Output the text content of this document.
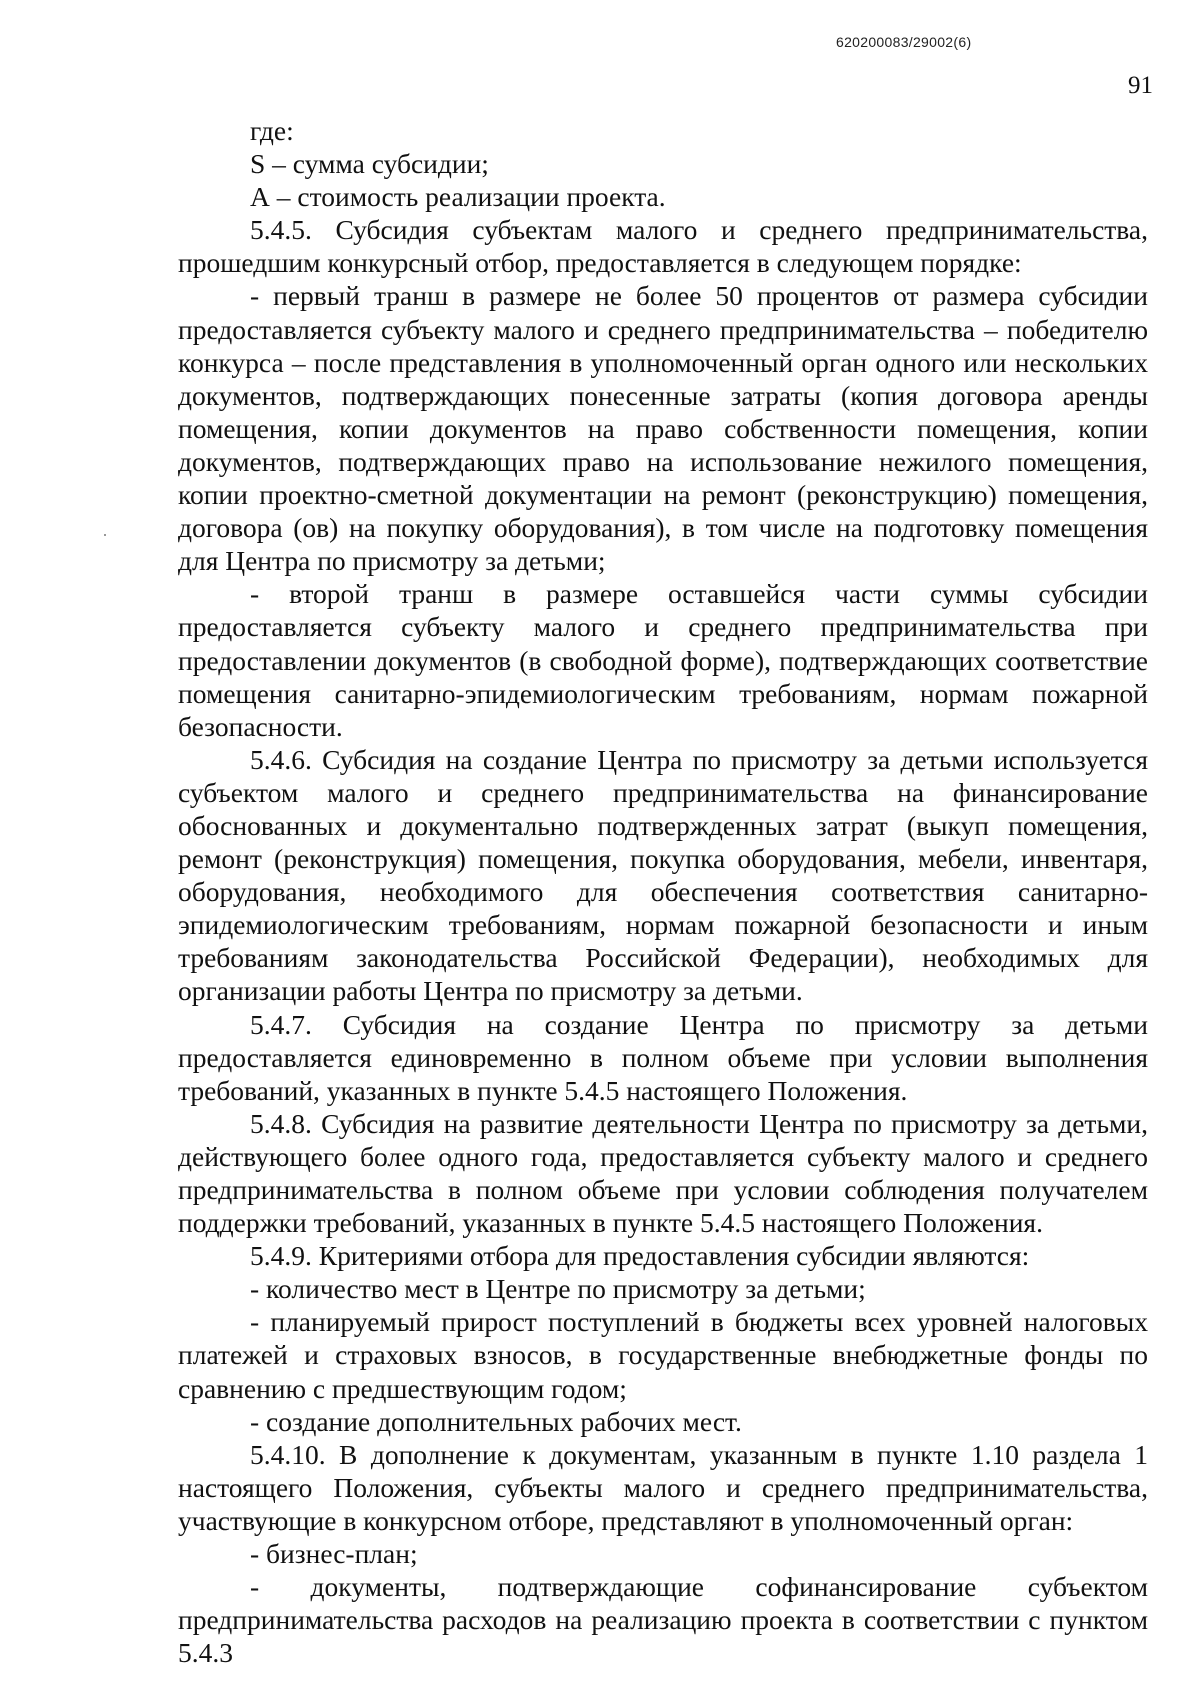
620200083/29002(6)
91

где:

S – сумма субсидии;

А – стоимость реализации проекта.

5.4.5. Субсидия субъектам малого и среднего предпринимательства, прошедшим конкурсный отбор, предоставляется в следующем порядке:

- первый транш в размере не более 50 процентов от размера субсидии предоставляется субъекту малого и среднего предпринимательства – победителю конкурса – после представления в уполномоченный орган одного или нескольких документов, подтверждающих понесенные затраты (копия договора аренды помещения, копии документов на право собственности помещения, копии документов, подтверждающих право на использование нежилого помещения, копии проектно-сметной документации на ремонт (реконструкцию) помещения, договора (ов) на покупку оборудования), в том числе на подготовку помещения для Центра по присмотру за детьми;

- второй транш в размере оставшейся части суммы субсидии предоставляется субъекту малого и среднего предпринимательства при предоставлении документов (в свободной форме), подтверждающих соответствие помещения санитарно-эпидемиологическим требованиям, нормам пожарной безопасности.

5.4.6. Субсидия на создание Центра по присмотру за детьми используется субъектом малого и среднего предпринимательства на финансирование обоснованных и документально подтвержденных затрат (выкуп помещения, ремонт (реконструкция) помещения, покупка оборудования, мебели, инвентаря, оборудования, необходимого для обеспечения соответствия санитарно-эпидемиологическим требованиям, нормам пожарной безопасности и иным требованиям законодательства Российской Федерации), необходимых для организации работы Центра по присмотру за детьми.

5.4.7. Субсидия на создание Центра по присмотру за детьми предоставляется единовременно в полном объеме при условии выполнения требований, указанных в пункте 5.4.5 настоящего Положения.

5.4.8. Субсидия на развитие деятельности Центра по присмотру за детьми, действующего более одного года, предоставляется субъекту малого и среднего предпринимательства в полном объеме при условии соблюдения получателем поддержки требований, указанных в пункте 5.4.5 настоящего Положения.

5.4.9. Критериями отбора для предоставления субсидии являются:

- количество мест в Центре по присмотру за детьми;

- планируемый прирост поступлений в бюджеты всех уровней налоговых платежей и страховых взносов, в государственные внебюджетные фонды по сравнению с предшествующим годом;

- создание дополнительных рабочих мест.

5.4.10. В дополнение к документам, указанным в пункте 1.10 раздела 1 настоящего Положения, субъекты малого и среднего предпринимательства, участвующие в конкурсном отборе, представляют в уполномоченный орган:

- бизнес-план;

- документы, подтверждающие софинансирование субъектом предпринимательства расходов на реализацию проекта в соответствии с пунктом 5.4.3
